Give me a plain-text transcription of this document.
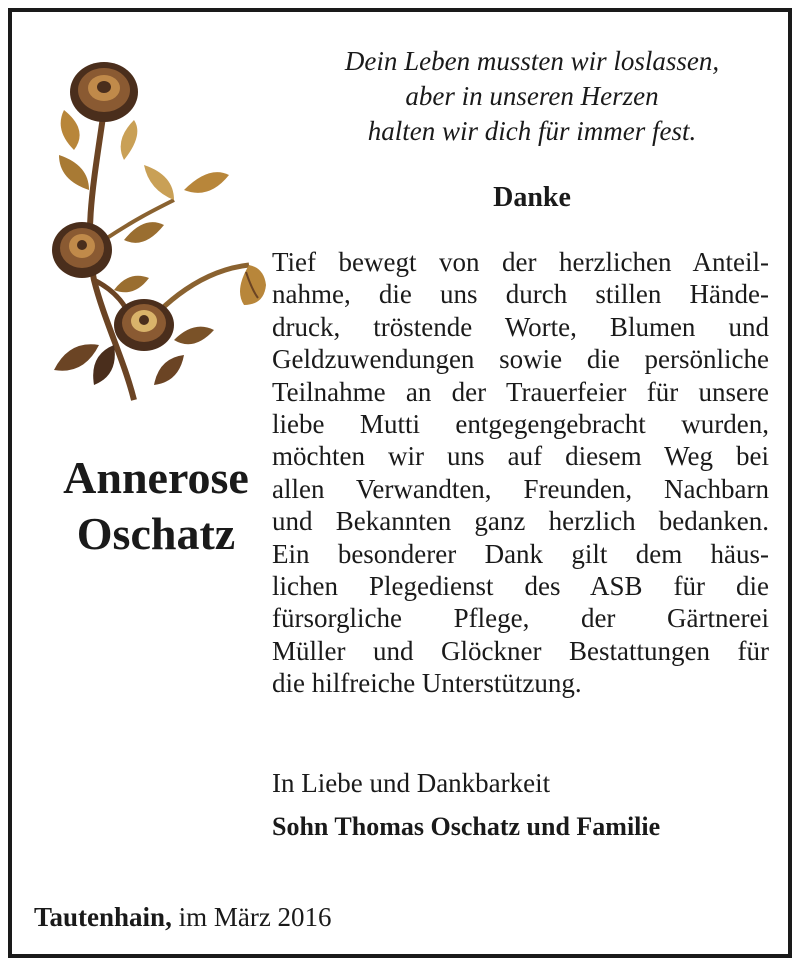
Annerose
Oschatz
Dein Leben mussten wir loslassen,
aber in unseren Herzen
halten wir dich für immer fest.
Danke
Tief bewegt von der herzlichen Anteil-
nahme, die uns durch stillen Hände-
druck, tröstende Worte, Blumen und
Geldzuwendungen sowie die persönliche
Teilnahme an der Trauerfeier für unsere
liebe Mutti entgegengebracht wurden,
möchten wir uns auf diesem Weg bei
allen Verwandten, Freunden, Nachbarn
und Bekannten ganz herzlich bedanken.
Ein besonderer Dank gilt dem häus-
lichen Plegedienst des ASB für die
fürsorgliche Pflege, der Gärtnerei
Müller und Glöckner Bestattungen für
die hilfreiche Unterstützung.
In Liebe und Dankbarkeit
Sohn Thomas Oschatz und Familie
Tautenhain, im März 2016
